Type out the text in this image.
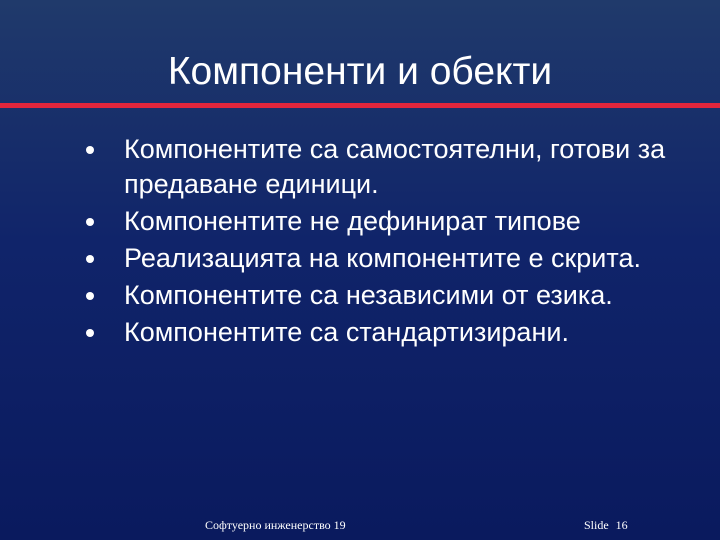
Компоненти и обекти
Компонентите са самостоятелни, готови за предаване единици.
Компонентите не дефинират типове
Реализацията на компонентите е скрита.
Компонентите са независими от езика.
Компонентите са стандартизирани.
Софтуерно инженерство 19	Slide 16
